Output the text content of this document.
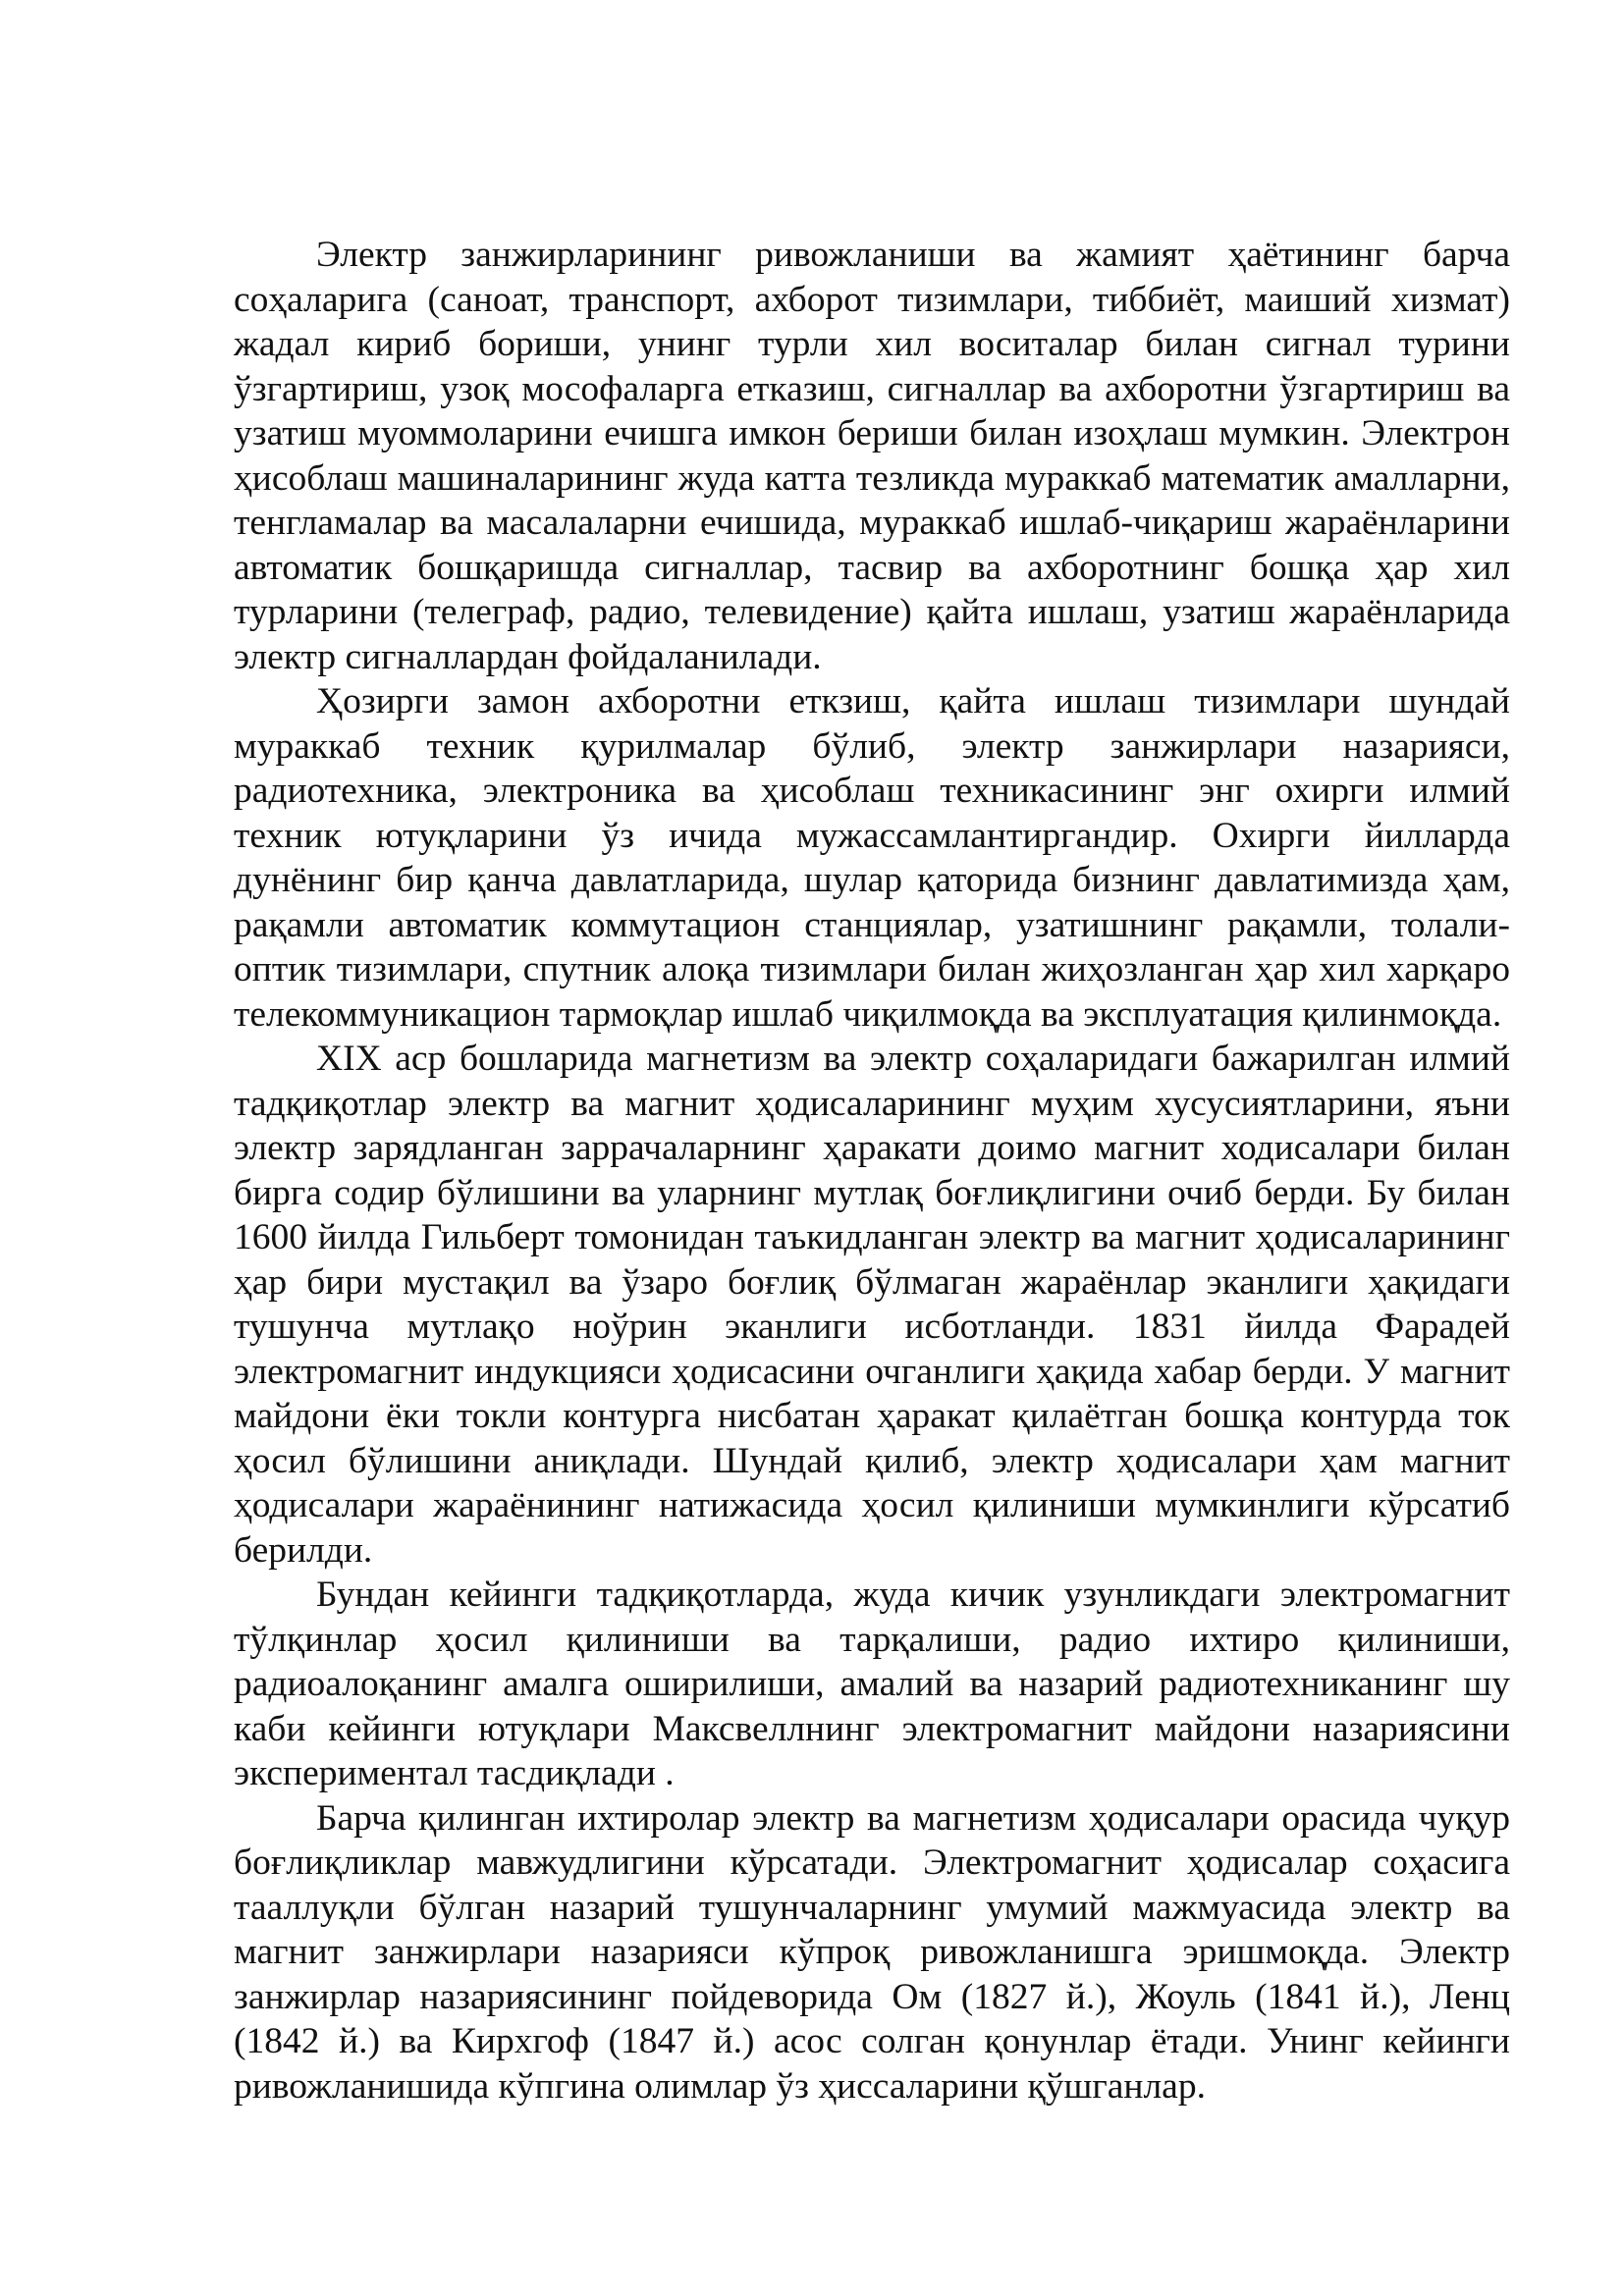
Электр занжирларининг ривожланиши ва жамият ҳаётининг барча соҳаларига (саноат, транспорт, ахборот тизимлари, тиббиёт, маиший хизмат) жадал кириб бориши, унинг турли хил воситалар билан сигнал турини ўзгартириш, узоқ мософаларга етказиш, сигналлар ва ахборотни ўзгартириш ва узатиш муоммоларини ечишга имкон бериши билан изоҳлаш мумкин. Электрон ҳисоблаш машиналарининг жуда катта тезликда мураккаб математик амалларни, тенгламалар ва масалаларни ечишида, мураккаб ишлаб-чиқариш жараёнларини автоматик бошқаришда сигналлар, тасвир ва ахборотнинг бошқа ҳар хил турларини (телеграф, радио, телевидение) қайта ишлаш, узатиш жараёнларида электр сигналлардан фойдаланилади.

Ҳозирги замон ахборотни еткзиш, қайта ишлаш тизимлари шундай мураккаб техник қурилмалар бўлиб, электр занжирлари назарияси, радиотехника, электроника ва ҳисоблаш техникасининг энг охирги илмий техник ютуқларини ўз ичида мужассамлантиргандир. Охирги йилларда дунёнинг бир қанча давлатларида, шулар қаторида бизнинг давлатимизда ҳам, рақамли автоматик коммутацион станциялар, узатишнинг рақамли, толали-оптик тизимлари, спутник алоқа тизимлари билан жиҳозланган ҳар хил харқаро телекоммуникацион тармоқлар ишлаб чиқилмоқда ва эксплуатация қилинмоқда.

XIX аср бошларида магнетизм ва электр соҳаларидаги бажарилган илмий тадқиқотлар электр ва магнит ҳодисаларининг муҳим хусусиятларини, яъни электр зарядланган заррачаларнинг ҳаракати доимо магнит ходисалари билан бирга содир бўлишини ва уларнинг мутлақ боғлиқлигини очиб берди. Бу билан 1600 йилда Гильберт томонидан таъкидланган электр ва магнит ҳодисаларининг ҳар бири мустақил ва ўзаро боғлиқ бўлмаган жараёнлар эканлиги ҳақидаги тушунча мутлақо ноўрин эканлиги исботланди. 1831 йилда Фарадей электромагнит индукцияси ҳодисасини очганлиги ҳақида хабар берди. У магнит майдони ёки токли контурга нисбатан ҳаракат қилаётган бошқа контурда ток ҳосил бўлишини аниқлади. Шундай қилиб, электр ҳодисалари ҳам магнит ҳодисалари жараёнининг натижасида ҳосил қилиниши мумкинлиги кўрсатиб берилди.

Бундан кейинги тадқиқотларда, жуда кичик узунликдаги электромагнит тўлқинлар ҳосил қилиниши ва тарқалиши, радио ихтиро қилиниши, радиоалоқанинг амалга оширилиши, амалий ва назарий радиотехниканинг шу каби кейинги ютуқлари Максвеллнинг электромагнит майдони назариясини экспериментал тасдиқлади .

Барча қилинган ихтиролар электр ва магнетизм ҳодисалари орасида чуқур боғлиқликлар мавжудлигини кўрсатади. Электромагнит ҳодисалар соҳасига тааллуқли бўлган назарий тушунчаларнинг умумий мажмуасида электр ва магнит занжирлари назарияси кўпроқ ривожланишга эришмоқда. Электр занжирлар назариясининг пойдеворида Ом (1827 й.), Жоуль (1841 й.), Ленц (1842 й.) ва Кирхгоф (1847 й.) асос солган қонунлар ётади. Унинг кейинги ривожланишида кўпгина олимлар ўз ҳиссаларини қўшганлар.
